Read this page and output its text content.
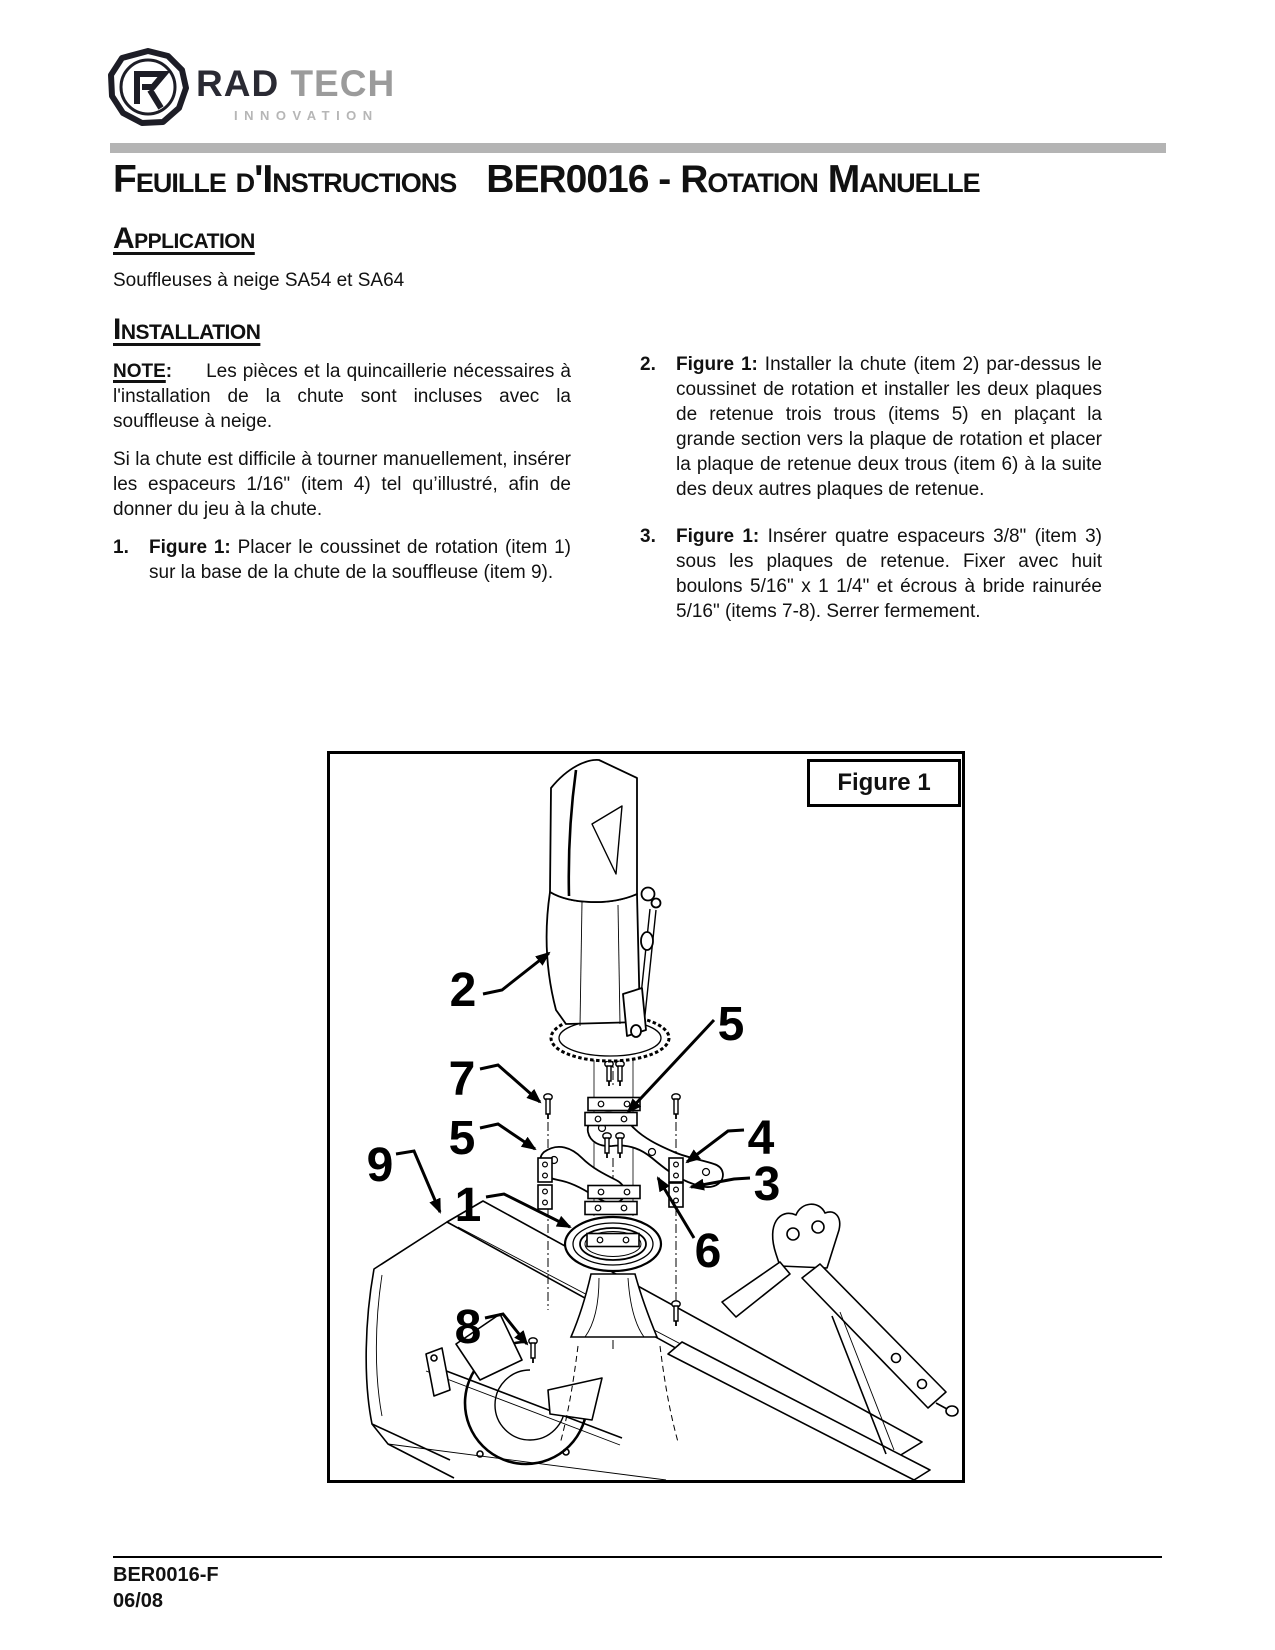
RAD TECH
INNOVATION
Feuille d'Instructions BER0016 - Rotation Manuelle
Application

Souffleuses à neige SA54 et SA64

Installation

NOTE: Les pièces et la quincaillerie nécessaires à l'installation de la chute sont incluses avec la souffleuse à neige.

Si la chute est difficile à tourner manuellement, insérer les espaceurs 1/16" (item 4) tel qu’illustré, afin de donner du jeu à la chute.

1. Figure 1: Placer le coussinet de rotation (item 1) sur la base de la chute de la souffleuse (item 9).
2. Figure 1: Installer la chute (item 2) par-dessus le coussinet de rotation et installer les deux plaques de retenue trois trous (items 5) en plaçant la grande section vers la plaque de rotation et placer la plaque de retenue deux trous (item 6) à la suite des deux autres plaques de retenue.
3. Figure 1: Insérer quatre espaceurs 3/8" (item 3) sous les plaques de retenue. Fixer avec huit boulons 5/16" x 1 1/4" et écrous à bride rainurée 5/16" (items 7-8). Serrer fermement.
2
5
7
5
9
1
4
3
6
8
Figure 1
BER0016-F
06/08
